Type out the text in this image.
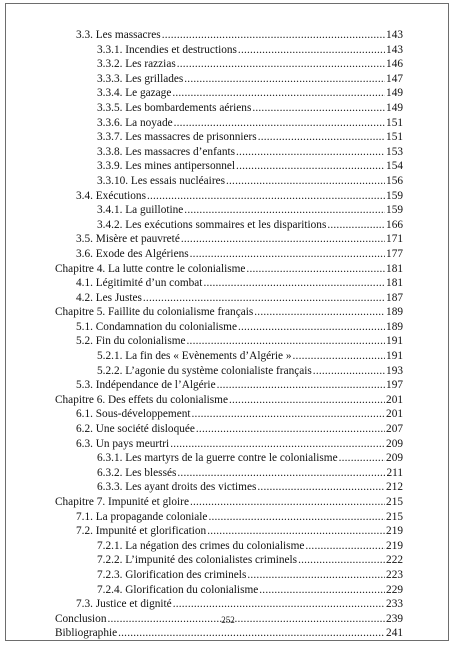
3.3. Les massacres .....	143
3.3.1. Incendies et destructions .....	143
3.3.2. Les razzias .....	146
3.3.3. Les grillades .....	147
3.3.4. Le gazage .....	149
3.3.5. Les bombardements aériens .....	149
3.3.6. La noyade .....	151
3.3.7. Les massacres de prisonniers .....	151
3.3.8. Les massacres d’enfants .....	153
3.3.9. Les mines antipersonnel .....	154
3.3.10. Les essais nucléaires .....	156
3.4. Exécutions .....	159
3.4.1. La guillotine .....	159
3.4.2. Les exécutions sommaires et les disparitions .....	166
3.5. Misère et pauvreté .....	171
3.6. Exode des Algériens .....	177
Chapitre 4. La lutte contre le colonialisme .....	181
4.1. Légitimité d’un combat .....	181
4.2. Les Justes .....	187
Chapitre 5. Faillite du colonialisme français .....	189
5.1. Condamnation du colonialisme .....	189
5.2. Fin du colonialisme .....	191
5.2.1. La fin des « Evènements d’Algérie » .....	191
5.2.2. L’agonie du système colonialiste français .....	193
5.3. Indépendance de l’Algérie .....	197
Chapitre 6. Des effets du colonialisme .....	201
6.1. Sous-développement .....	201
6.2. Une société disloquée .....	207
6.3. Un pays meurtri .....	209
6.3.1. Les martyrs de la guerre contre le colonialisme .....	209
6.3.2. Les blessés .....	211
6.3.3. Les ayant droits des victimes .....	212
Chapitre 7. Impunité et gloire .....	215
7.1. La propagande coloniale .....	215
7.2. Impunité et glorification .....	219
7.2.1. La négation des crimes du colonialisme .....	219
7.2.2. L’impunité des colonialistes criminels .....	222
7.2.3. Glorification des criminels .....	223
7.2.4. Glorification du colonialisme .....	229
7.3. Justice et dignité .....	233
Conclusion .....	239
Bibliographie .....	241
252
